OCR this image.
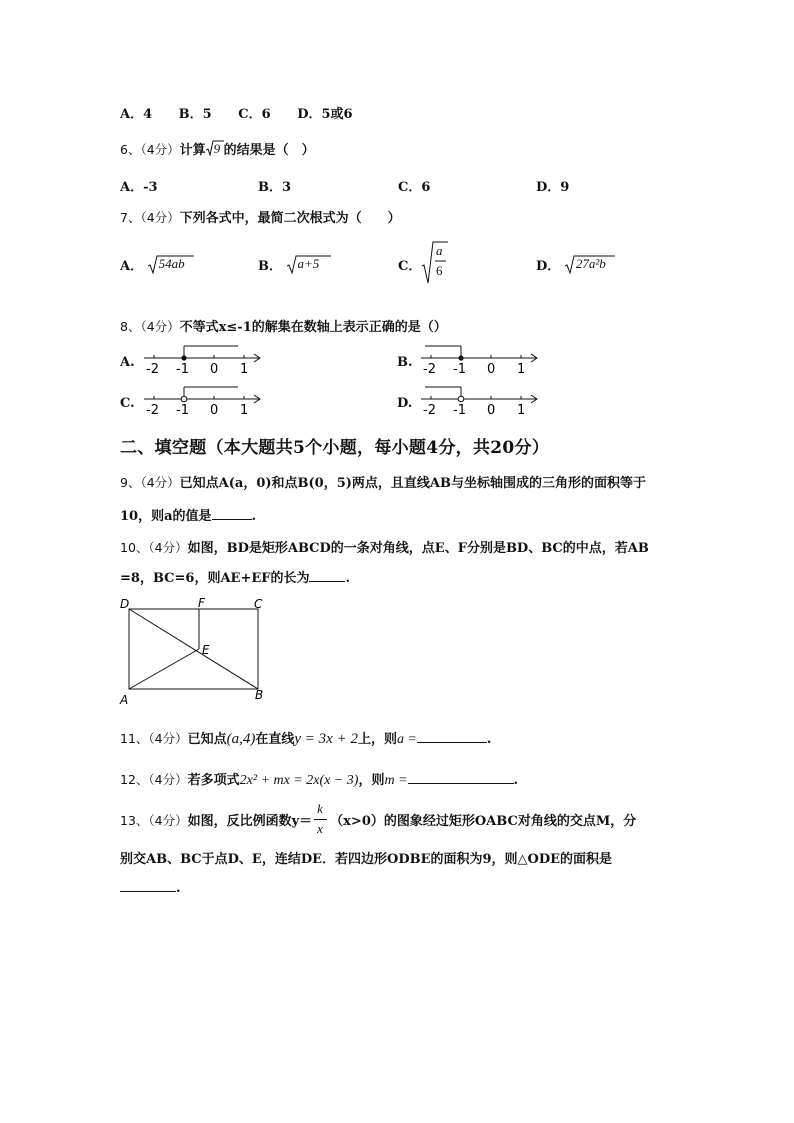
A．4 B．5 C．6 D．5或6
6、（4分）计算 9 的结果是（　）
A．-3	B．3	C．6	D．9
7、（4分）下列各式中，最简二次根式为（　　）
A． 54ab	B． a+5	C．
a
6	D． 27a²b
8、（4分）不等式x≤-1的解集在数轴上表示正确的是（）
A. -2 -1 0 1	B. -2 -1 0 1
C. -2 -1 0 1	D. -2 -1 0 1
二、填空题（本大题共5个小题，每小题4分，共20分）
9、（4分）已知点A(a，0)和点B(0，5)两点，且直线AB与坐标轴围成的三角形的面积等于
10，则a的值是	.
10、（4分）如图，BD是矩形ABCD的一条对角线，点E、F分别是BD、BC的中点，若AB
=8，BC=6，则AE+EF的长为	.
D	F	C
E
A	B
11、（4分）已知点(a,4)在直线y = 3x + 2上，则a =	.
12、（4分）若多项式2x² + mx = 2x(x − 3)，则m =	.
13、（4分）如图，反比例函数$y= \frac{k}{x} (x>0)$的图象经过矩形OABC对角线的交点M，分
别交AB、BC于点D、E，连结DE．若四边形ODBE的面积为9，则△ODE的面积是
.
